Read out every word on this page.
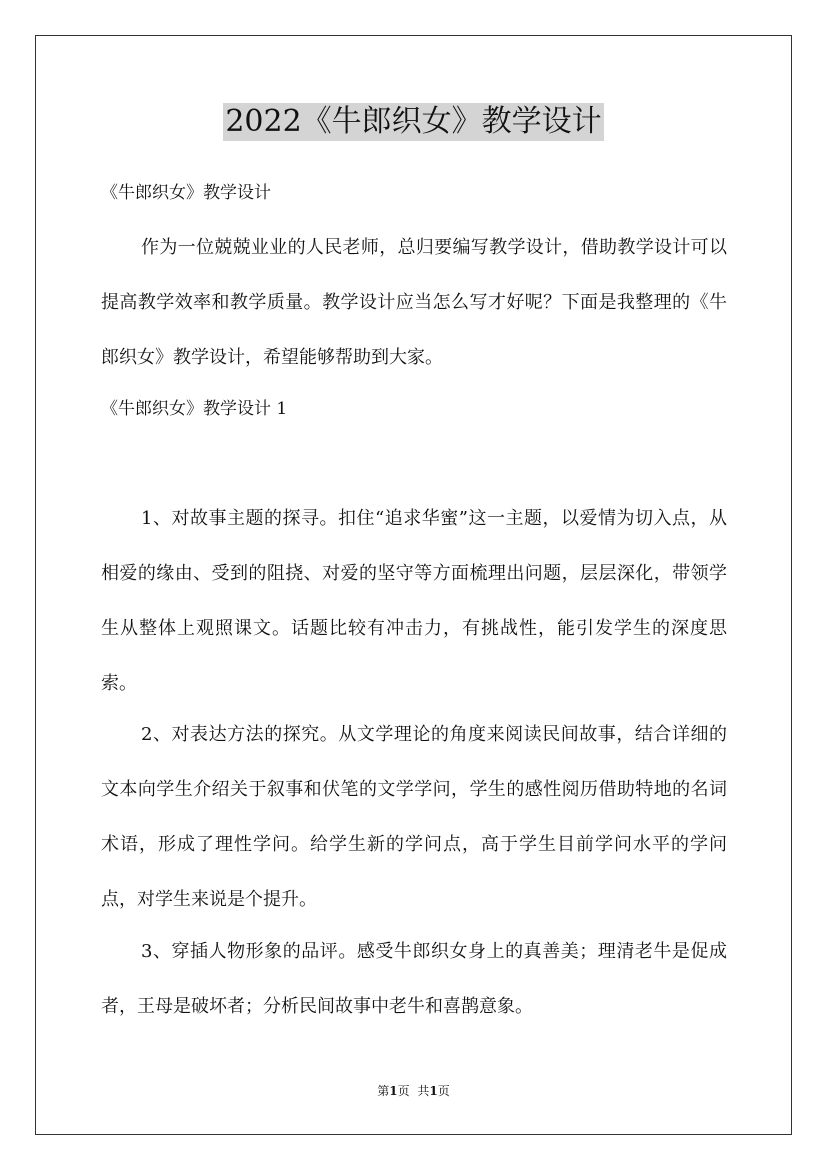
2022《牛郎织女》教学设计

《牛郎织女》教学设计

作为一位兢兢业业的人民老师，总归要编写教学设计，借助教学设计可以提高教学效率和教学质量。教学设计应当怎么写才好呢？下面是我整理的《牛郎织女》教学设计，希望能够帮助到大家。

《牛郎织女》教学设计 1

1、对故事主题的探寻。扣住“追求华蜜”这一主题，以爱情为切入点，从相爱的缘由、受到的阻挠、对爱的坚守等方面梳理出问题，层层深化，带领学生从整体上观照课文。话题比较有冲击力，有挑战性，能引发学生的深度思索。

2、对表达方法的探究。从文学理论的角度来阅读民间故事，结合详细的文本向学生介绍关于叙事和伏笔的文学学问，学生的感性阅历借助特地的名词术语，形成了理性学问。给学生新的学问点，高于学生目前学问水平的学问点，对学生来说是个提升。

3、穿插人物形象的品评。感受牛郎织女身上的真善美；理清老牛是促成者，王母是破坏者；分析民间故事中老牛和喜鹊意象。

第1页 共1页
